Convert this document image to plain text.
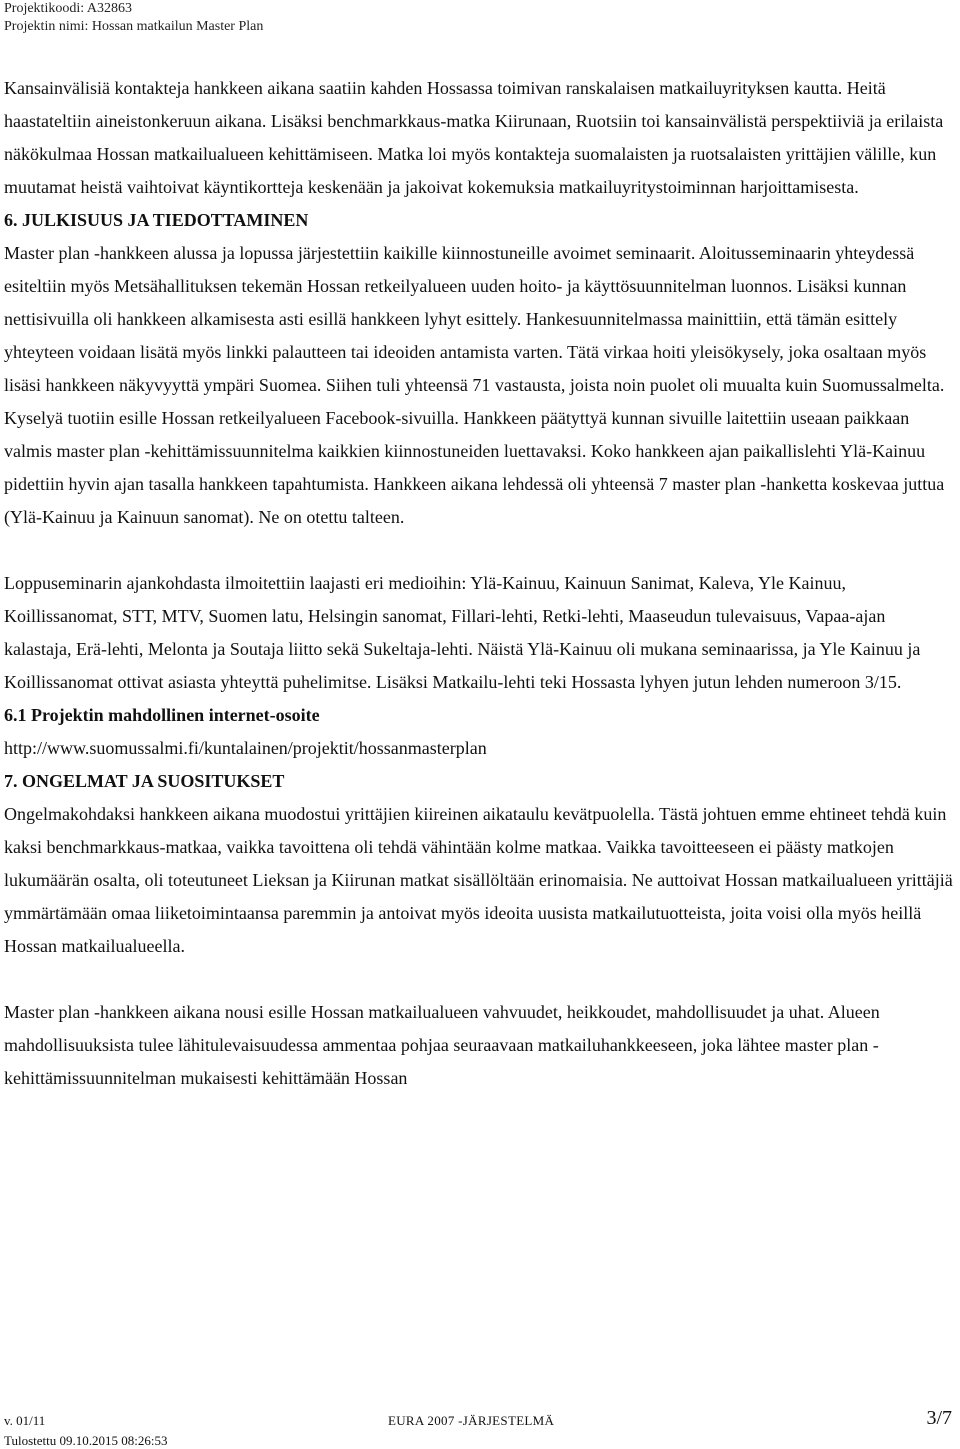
Projektikoodi: A32863
Projektin nimi: Hossan matkailun Master Plan

Kansainvälisiä kontakteja hankkeen aikana saatiin kahden Hossassa toimivan ranskalaisen matkailuyrityksen kautta. Heitä haastateltiin aineistonkeruun aikana. Lisäksi benchmarkkaus-matka Kiirunaan, Ruotsiin toi kansainvälistä perspektiiviä ja erilaista näkökulmaa Hossan matkailualueen kehittämiseen. Matka loi myös kontakteja suomalaisten ja ruotsalaisten yrittäjien välille, kun muutamat heistä vaihtoivat käyntikortteja keskenään ja jakoivat kokemuksia matkailuyritystoiminnan harjoittamisesta.

6. JULKISUUS JA TIEDOTTAMINEN

Master plan -hankkeen alussa ja lopussa järjestettiin kaikille kiinnostuneille avoimet seminaarit. Aloitusseminaarin yhteydessä esiteltiin myös Metsähallituksen tekemän Hossan retkeilyalueen uuden hoito- ja käyttösuunnitelman luonnos. Lisäksi kunnan nettisivuilla oli hankkeen alkamisesta asti esillä hankkeen lyhyt esittely. Hankesuunnitelmassa mainittiin, että tämän esittely yhteyteen voidaan lisätä myös linkki palautteen tai ideoiden antamista varten. Tätä virkaa hoiti yleisökysely, joka osaltaan myös lisäsi hankkeen näkyvyyttä ympäri Suomea. Siihen tuli yhteensä 71 vastausta, joista noin puolet oli muualta kuin Suomussalmelta. Kyselyä tuotiin esille Hossan retkeilyalueen Facebook-sivuilla. Hankkeen päätyttyä kunnan sivuille laitettiin useaan paikkaan valmis master plan -kehittämissuunnitelma kaikkien kiinnostuneiden luettavaksi. Koko hankkeen ajan paikallislehti Ylä-Kainuu pidettiin hyvin ajan tasalla hankkeen tapahtumista. Hankkeen aikana lehdessä oli yhteensä 7 master plan -hanketta koskevaa juttua (Ylä-Kainuu ja Kainuun sanomat). Ne on otettu talteen.

Loppuseminarin ajankohdasta ilmoitettiin laajasti eri medioihin: Ylä-Kainuu, Kainuun Sanimat, Kaleva, Yle Kainuu, Koillissanomat, STT, MTV, Suomen latu, Helsingin sanomat, Fillari-lehti, Retki-lehti, Maaseudun tulevaisuus, Vapaa-ajan kalastaja, Erä-lehti, Melonta ja Soutaja liitto sekä Sukeltaja-lehti. Näistä Ylä-Kainuu oli mukana seminaarissa, ja Yle Kainuu ja Koillissanomat ottivat asiasta yhteyttä puhelimitse. Lisäksi Matkailu-lehti teki Hossasta lyhyen jutun lehden numeroon 3/15.

6.1 Projektin mahdollinen internet-osoite

http://www.suomussalmi.fi/kuntalainen/projektit/hossanmasterplan

7. ONGELMAT JA SUOSITUKSET

Ongelmakohdaksi hankkeen aikana muodostui yrittäjien kiireinen aikataulu kevätpuolella. Tästä johtuen emme ehtineet tehdä kuin kaksi benchmarkkaus-matkaa, vaikka tavoittena oli tehdä vähintään kolme matkaa. Vaikka tavoitteeseen ei päästy matkojen lukumäärän osalta, oli toteutuneet Lieksan ja Kiirunan matkat sisällöltään erinomaisia. Ne auttoivat Hossan matkailualueen yrittäjiä ymmärtämään omaa liiketoimintaansa paremmin ja antoivat myös ideoita uusista matkailutuotteista, joita voisi olla myös heillä Hossan matkailualueella.

Master plan -hankkeen aikana nousi esille Hossan matkailualueen vahvuudet, heikkoudet, mahdollisuudet ja uhat. Alueen mahdollisuuksista tulee lähitulevaisuudessa ammentaa pohjaa seuraavaan matkailuhankkeeseen, joka lähtee master plan -kehittämissuunnitelman mukaisesti kehittämään Hossan

v. 01/11
Tulostettu 09.10.2015 08:26:53
EURA 2007 -JÄRJESTELMÄ	3/7
